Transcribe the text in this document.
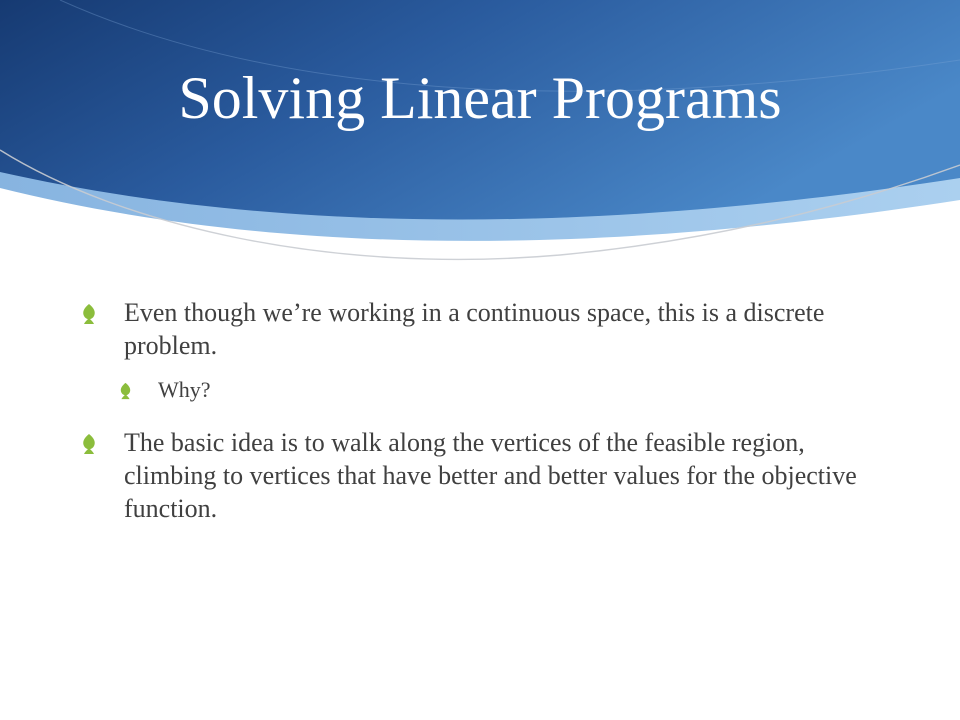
Solving Linear Programs
Even though we’re working in a continuous space, this is a discrete problem.
Why?
The basic idea is to walk along the vertices of the feasible region, climbing to vertices that have better and better values for the objective function.
